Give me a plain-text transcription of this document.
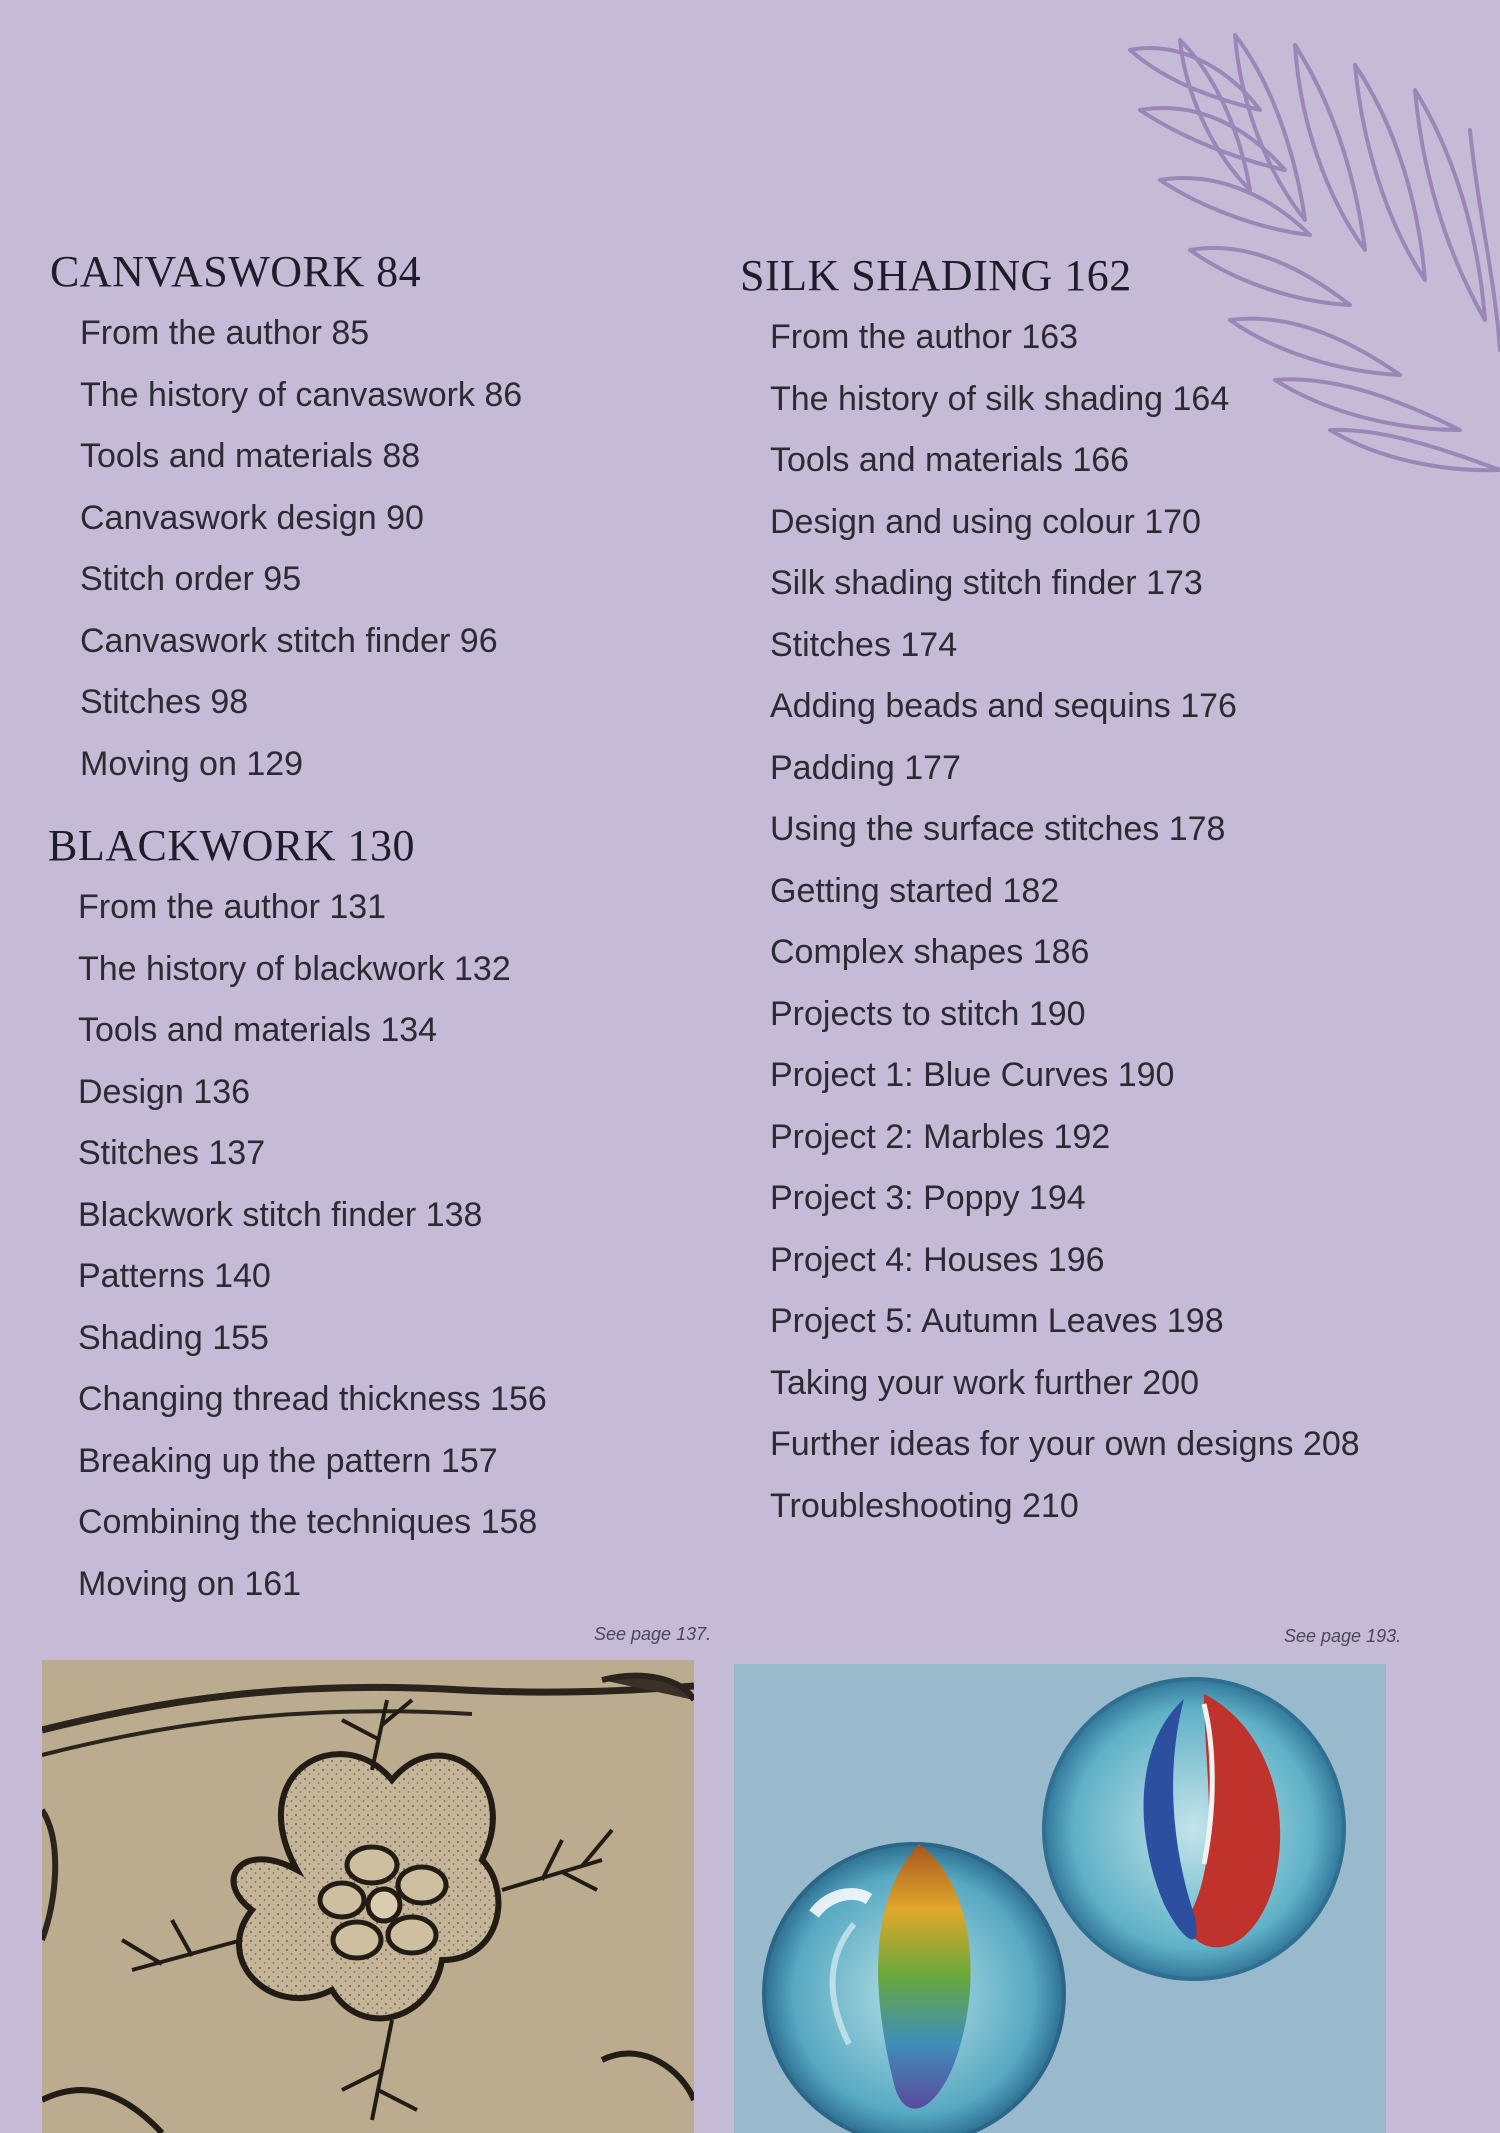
CANVASWORK 84
From the author 85
The history of canvaswork 86
Tools and materials 88
Canvaswork design 90
Stitch order 95
Canvaswork stitch finder 96
Stitches 98
Moving on 129
BLACKWORK 130
From the author 131
The history of blackwork 132
Tools and materials 134
Design 136
Stitches 137
Blackwork stitch finder 138
Patterns 140
Shading 155
Changing thread thickness 156
Breaking up the pattern 157
Combining the techniques 158
Moving on 161
SILK SHADING 162
From the author 163
The history of silk shading 164
Tools and materials 166
Design and using colour 170
Silk shading stitch finder 173
Stitches 174
Adding beads and sequins 176
Padding 177
Using the surface stitches 178
Getting started 182
Complex shapes 186
Projects to stitch 190
Project 1: Blue Curves 190
Project 2: Marbles 192
Project 3: Poppy 194
Project 4: Houses 196
Project 5: Autumn Leaves 198
Taking your work further 200
Further ideas for your own designs 208
Troubleshooting 210
See page 137.	See page 193.
